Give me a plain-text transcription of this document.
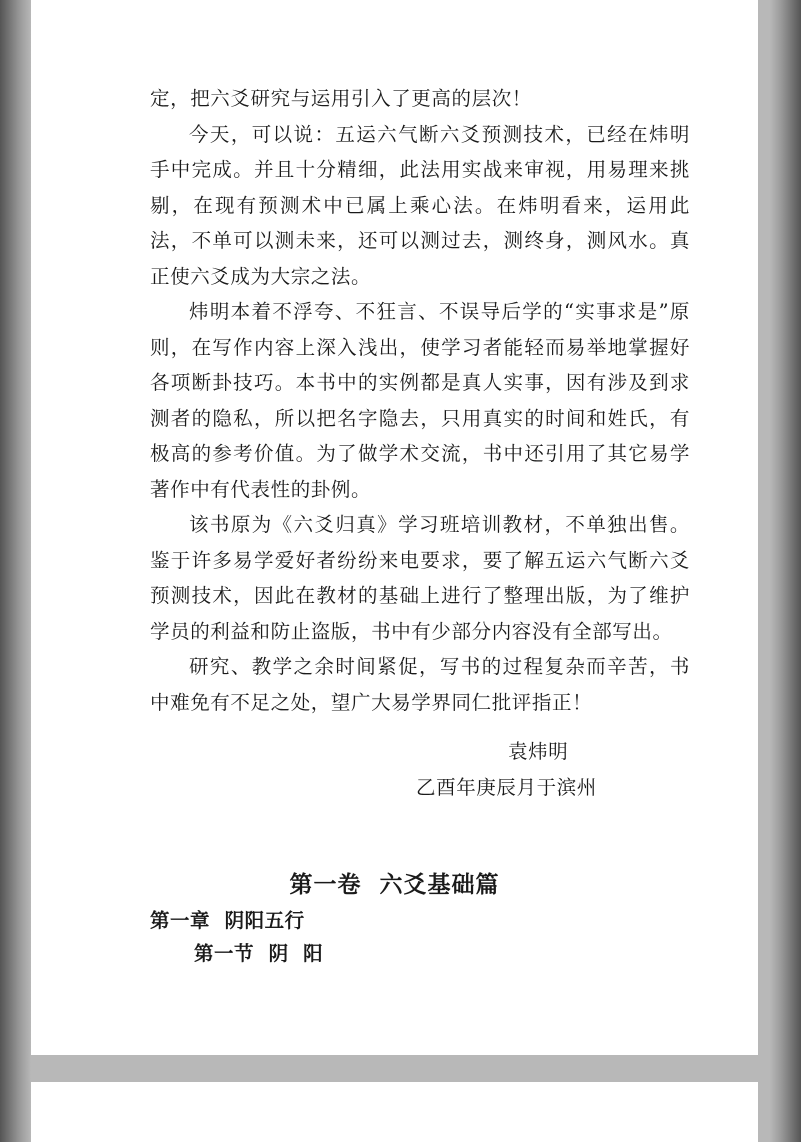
定，把六爻研究与运用引入了更高的层次！

今天，可以说：五运六气断六爻预测技术，已经在炜明手中完成。并且十分精细，此法用实战来审视，用易理来挑剔，在现有预测术中已属上乘心法。在炜明看来，运用此法，不单可以测未来，还可以测过去，测终身，测风水。真正使六爻成为大宗之法。

炜明本着不浮夸、不狂言、不误导后学的“实事求是”原则，在写作内容上深入浅出，使学习者能轻而易举地掌握好各项断卦技巧。本书中的实例都是真人实事，因有涉及到求测者的隐私，所以把名字隐去，只用真实的时间和姓氏，有极高的参考价值。为了做学术交流，书中还引用了其它易学著作中有代表性的卦例。

该书原为《六爻归真》学习班培训教材，不单独出售。鉴于许多易学爱好者纷纷来电要求，要了解五运六气断六爻预测技术，因此在教材的基础上进行了整理出版，为了维护学员的利益和防止盗版，书中有少部分内容没有全部写出。

研究、教学之余时间紧促，写书的过程复杂而辛苦，书中难免有不足之处，望广大易学界同仁批评指正！

袁炜明
乙酉年庚辰月于滨州
第一卷  六爻基础篇
第一章  阴阳五行
第一节  阴  阳
